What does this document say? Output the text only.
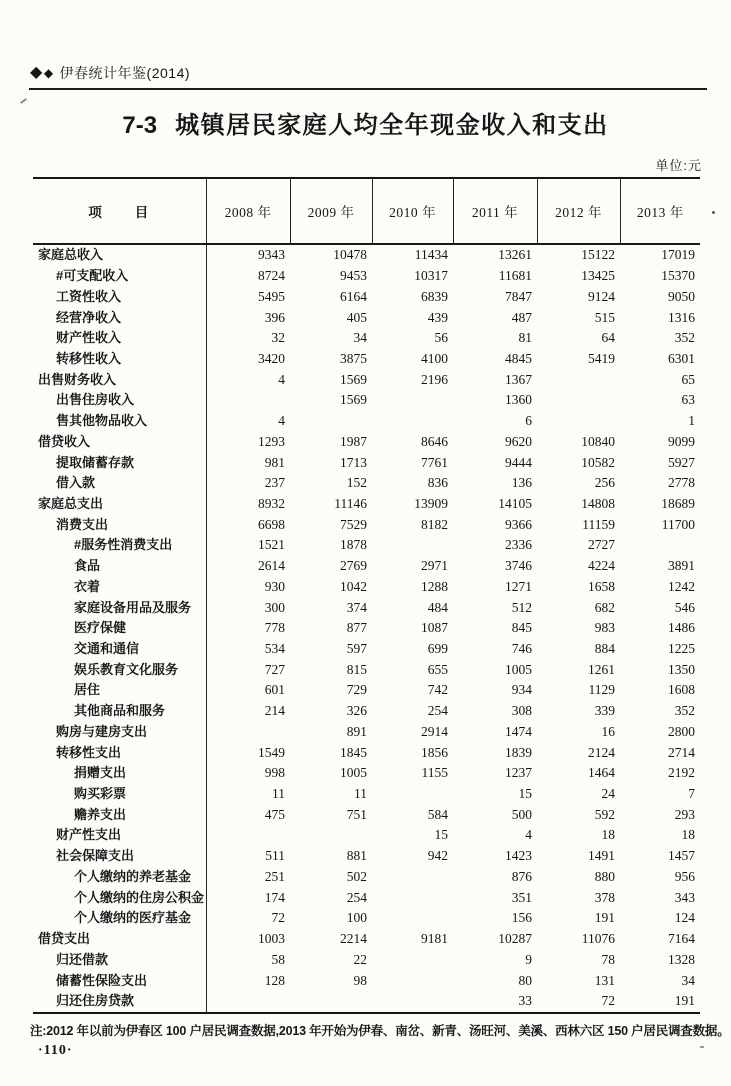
◆ ◆ 伊春统计年鉴(2014)
7-3 城镇居民家庭人均全年现金收入和支出
单位:元
项　　目	2008 年	2009 年	2010 年	2011 年	2012 年	2013 年
家庭总收入	9343	10478	11434	13261	15122	17019
#可支配收入	8724	9453	10317	11681	13425	15370
工资性收入	5495	6164	6839	7847	9124	9050
经营净收入	396	405	439	487	515	1316
财产性收入	32	34	56	81	64	352
转移性收入	3420	3875	4100	4845	5419	6301
出售财务收入	4	1569	2196	1367		65
出售住房收入		1569		1360		63
售其他物品收入	4			6		1
借贷收入	1293	1987	8646	9620	10840	9099
提取储蓄存款	981	1713	7761	9444	10582	5927
借入款	237	152	836	136	256	2778
家庭总支出	8932	11146	13909	14105	14808	18689
消费支出	6698	7529	8182	9366	11159	11700
#服务性消费支出	1521	1878		2336	2727	
食品	2614	2769	2971	3746	4224	3891
衣着	930	1042	1288	1271	1658	1242
家庭设备用品及服务	300	374	484	512	682	546
医疗保健	778	877	1087	845	983	1486
交通和通信	534	597	699	746	884	1225
娱乐教育文化服务	727	815	655	1005	1261	1350
居住	601	729	742	934	1129	1608
其他商品和服务	214	326	254	308	339	352
购房与建房支出		891	2914	1474	16	2800
转移性支出	1549	1845	1856	1839	2124	2714
捐赠支出	998	1005	1155	1237	1464	2192
购买彩票	11	11		15	24	7
赡养支出	475	751	584	500	592	293
财产性支出			15	4	18	18
社会保障支出	511	881	942	1423	1491	1457
个人缴纳的养老基金	251	502		876	880	956
个人缴纳的住房公积金	174	254		351	378	343
个人缴纳的医疗基金	72	100		156	191	124
借贷支出	1003	2214	9181	10287	11076	7164
归还借款	58	22		9	78	1328
储蓄性保险支出	128	98		80	131	34
归还住房贷款				33	72	191
注:2012 年以前为伊春区 100 户居民调查数据,2013 年开始为伊春、南岔、新青、汤旺河、美溪、西林六区 150 户居民调查数据。
·110·
